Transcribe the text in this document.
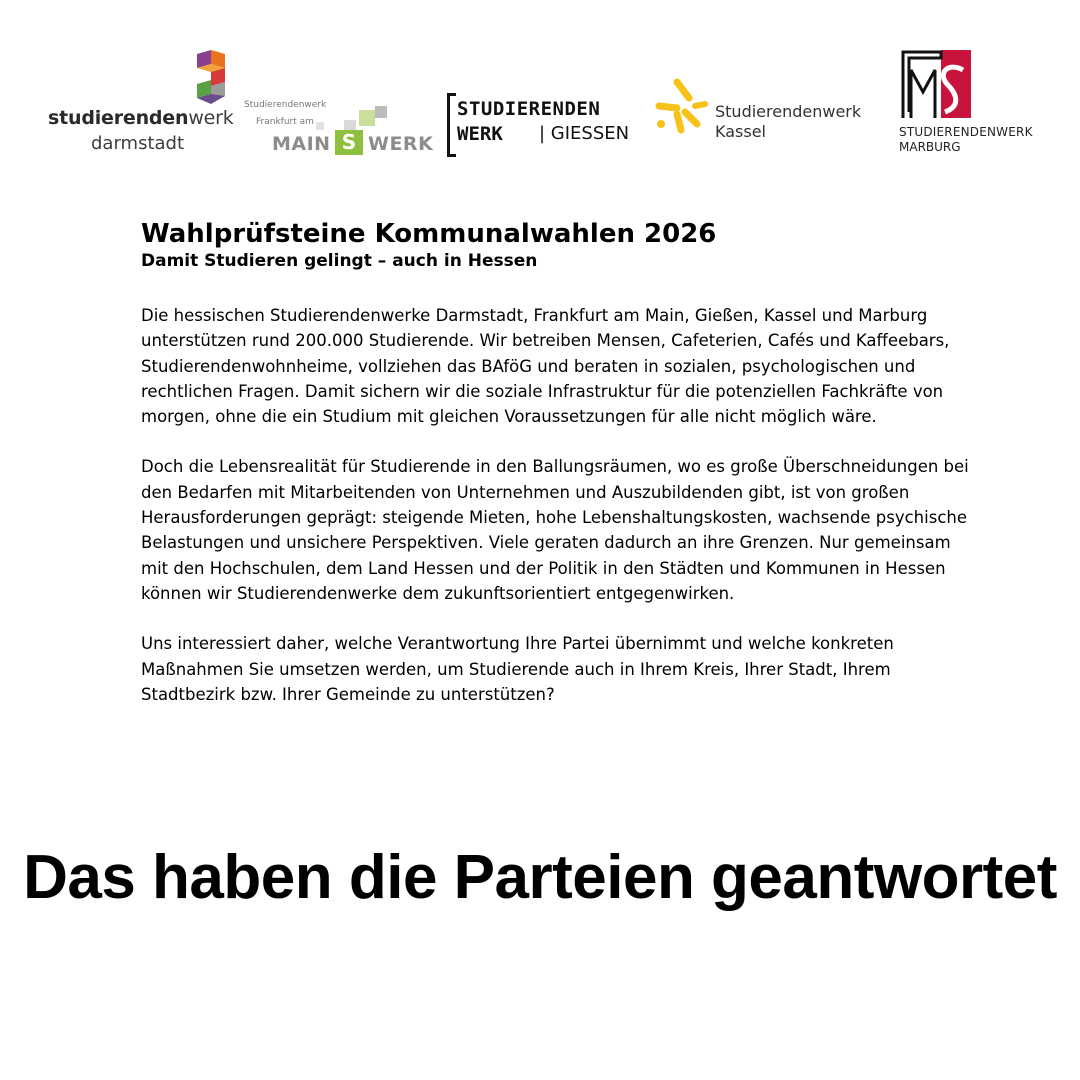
studierendenwerk
darmstadt
Studierendenwerk
Frankfurt am
MAIN S WERK
STUDIERENDEN
WERK | GIESSEN
Studierendenwerk
Kassel	STUDIERENDENWERK
MARBURG
Wahlprüfsteine Kommunalwahlen 2026
Damit Studieren gelingt – auch in Hessen

Die hessischen Studierendenwerke Darmstadt, Frankfurt am Main, Gießen, Kassel und Marburg unterstützen rund 200.000 Studierende. Wir betreiben Mensen, Cafeterien, Cafés und Kaffeebars, Studierendenwohnheime, vollziehen das BAföG und beraten in sozialen, psychologischen und rechtlichen Fragen. Damit sichern wir die soziale Infrastruktur für die potenziellen Fachkräfte von morgen, ohne die ein Studium mit gleichen Voraussetzungen für alle nicht möglich wäre.

Doch die Lebensrealität für Studierende in den Ballungsräumen, wo es große Überschneidungen bei den Bedarfen mit Mitarbeitenden von Unternehmen und Auszubildenden gibt, ist von großen Herausforderungen geprägt: steigende Mieten, hohe Lebenshaltungskosten, wachsende psychische Belastungen und unsichere Perspektiven. Viele geraten dadurch an ihre Grenzen. Nur gemeinsam mit den Hochschulen, dem Land Hessen und der Politik in den Städten und Kommunen in Hessen können wir Studierendenwerke dem zukunftsorientiert entgegenwirken.

Uns interessiert daher, welche Verantwortung Ihre Partei übernimmt und welche konkreten Maßnahmen Sie umsetzen werden, um Studierende auch in Ihrem Kreis, Ihrer Stadt, Ihrem Stadtbezirk bzw. Ihrer Gemeinde zu unterstützen?

Das haben die Parteien geantwortet
